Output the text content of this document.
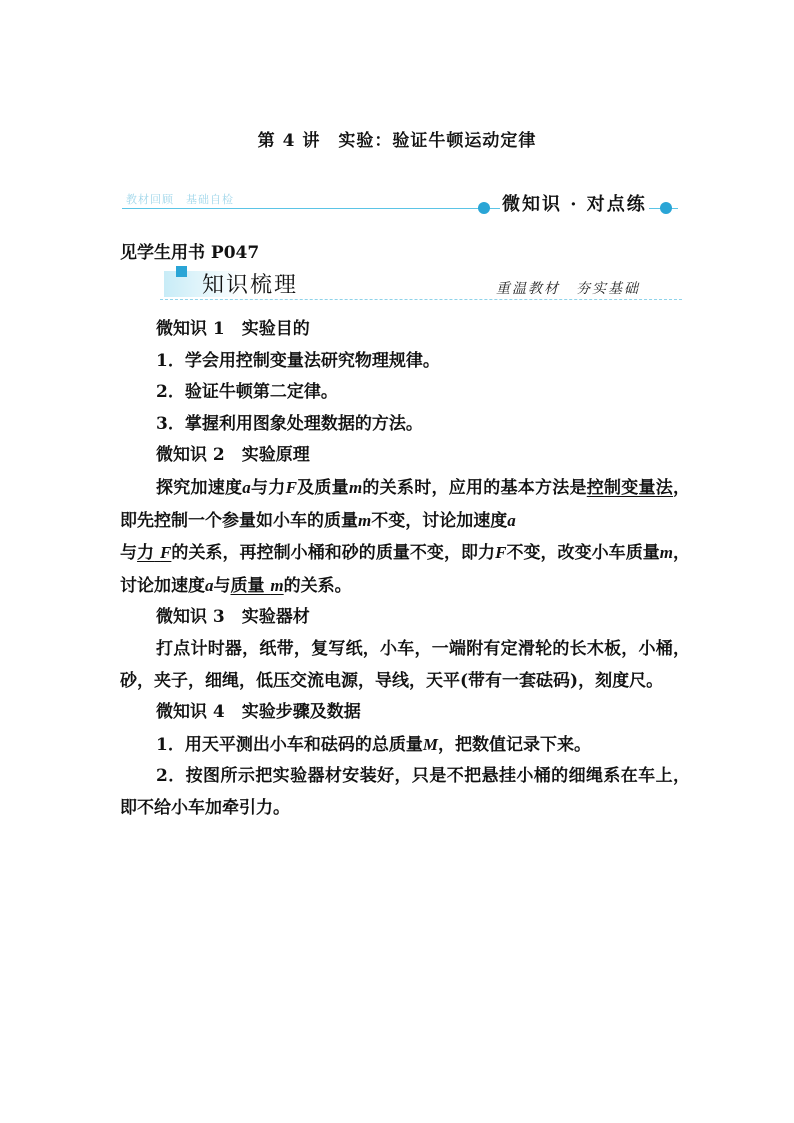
第 4 讲　实验：验证牛顿运动定律
教材回顾　基础自检	微知识 · 对点练
见学生用书 P047
知识梳理	重温教材　夯实基础

微知识 1　实验目的

1．学会用控制变量法研究物理规律。

2．验证牛顿第二定律。

3．掌握利用图象处理数据的方法。

微知识 2　实验原理

探究加速度a与力F及质量m的关系时，应用的基本方法是控制变量法，即先控制一个参量如小车的质量m不变，讨论加速度a
与力 F的关系，再控制小桶和砂的质量不变，即力F不变，改变小车质量m，讨论加速度a与质量 m的关系。

微知识 3　实验器材

打点计时器，纸带，复写纸，小车，一端附有定滑轮的长木板，小桶，砂，夹子，细绳，低压交流电源，导线，天平(带有一套砝码)，刻度尺。

微知识 4　实验步骤及数据

1．用天平测出小车和砝码的总质量M，把数值记录下来。

2．按图所示把实验器材安装好，只是不把悬挂小桶的细绳系在车上，即不给小车加牵引力。
